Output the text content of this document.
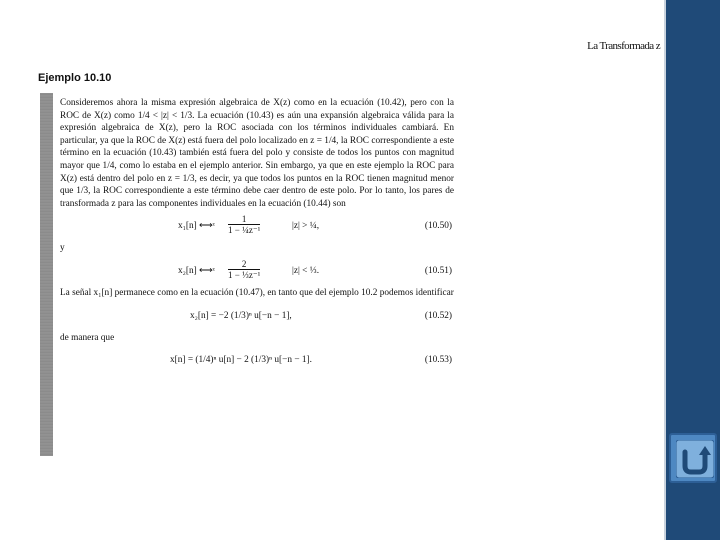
La Transformada z
Ejemplo 10.10

Consideremos ahora la misma expresión algebraica de X(z) como en la ecuación (10.42), pero con la ROC de X(z) como 1/4 < |z| < 1/3. La ecuación (10.43) es aún una expansión algebraica válida para la expresión algebraica de X(z), pero la ROC asociada con los términos individuales cambiará. En particular, ya que la ROC de X(z) está fuera del polo localizado en z = 1/4, la ROC correspondiente a este término en la ecuación (10.43) también está fuera del polo y consiste de todos los puntos con magnitud mayor que 1/4, como lo estaba en el ejemplo anterior. Sin embargo, ya que en este ejemplo la ROC para X(z) está dentro del polo en z = 1/3, es decir, ya que todos los puntos en la ROC tienen magnitud menor que 1/3, la ROC correspondiente a este término debe caer dentro de este polo. Por lo tanto, los pares de transformada z para las componentes individuales en la ecuación (10.44) son

x₁[n] ⟷ᶻ
1
1 − ¼z⁻¹	|z| > ¼,	(10.50)
y
x₂[n] ⟷ᶻ
2
1 − ⅓z⁻¹	|z| < ⅓.	(10.51)

La señal x₁[n] permanece como en la ecuación (10.47), en tanto que del ejemplo 10.2 podemos identificar

x₂[n] = −2 (1/3)ⁿ u[−n − 1],	(10.52)
de manera que
x[n] = (1/4)ⁿ u[n] − 2 (1/3)ⁿ u[−n − 1].	(10.53)
